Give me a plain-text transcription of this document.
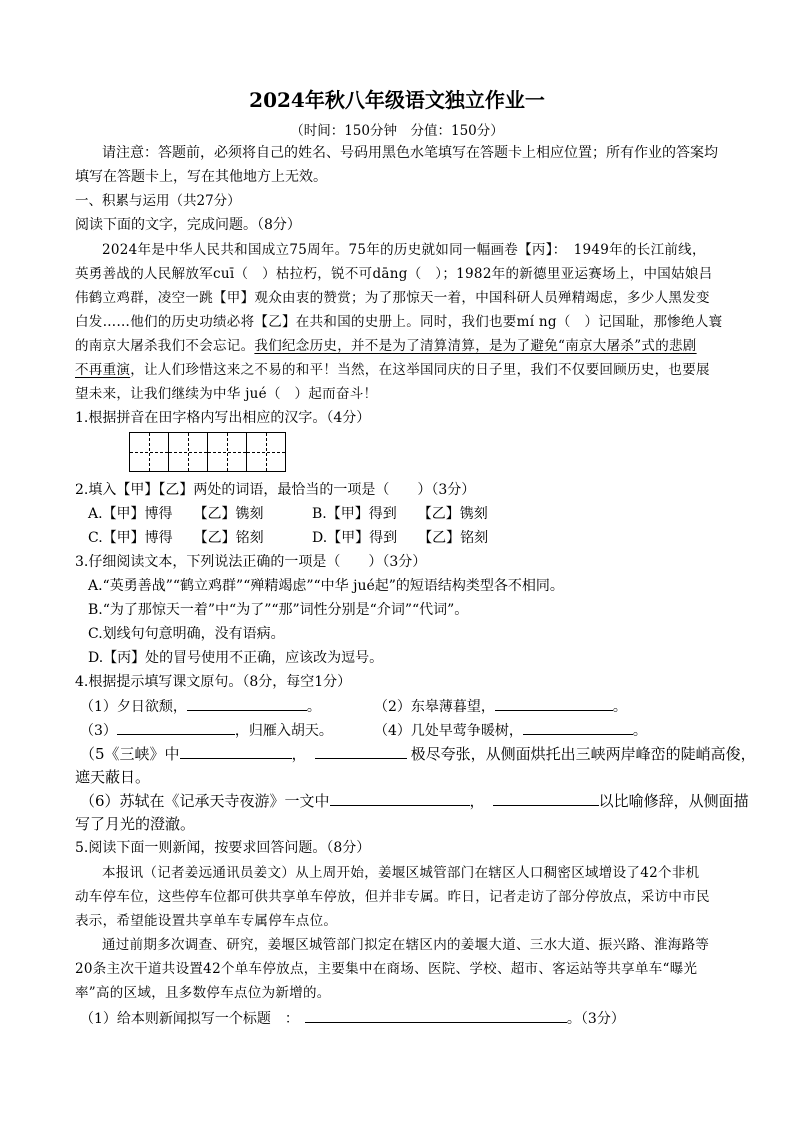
2024年秋八年级语文独立作业一
（时间：150分钟　分值：150分）
请注意：答题前，必须将自己的姓名、号码用黑色水笔填写在答题卡上相应位置；所有作业的答案均
填写在答题卡上，写在其他地方上无效。
一、积累与运用（共27分）
阅读下面的文字，完成问题。（8分）
2024年是中华人民共和国成立75周年。75年的历史就如同一幅画卷【丙】：　1949年的长江前线，
英勇善战的人民解放军cuī（　）枯拉朽，锐不可dāng（　）；1982年的新德里亚运赛场上，中国姑娘吕
伟鹤立鸡群，凌空一跳【甲】观众由衷的赞赏；为了那惊天一着，中国科研人员殚精竭虑，多少人黑发变
白发……他们的历史功绩必将【乙】在共和国的史册上。同时，我们也要mí ng（　）记国耻，那惨绝人寰
的南京大屠杀我们不会忘记。我们纪念历史，并不是为了清算清算，是为了避免“南京大屠杀”式的悲剧
不再重演，让人们珍惜这来之不易的和平！当然，在这举国同庆的日子里，我们不仅要回顾历史，也要展
望未来，让我们继续为中华 jué（　）起而奋斗！
1.根据拼音在田字格内写出相应的汉字。（4分）
2.填入【甲】【乙】两处的词语，最恰当的一项是（　　）（3分）
A.【甲】博得　　【乙】镌刻	B.【甲】得到　　【乙】镌刻
C.【甲】博得　　【乙】铭刻	D.【甲】得到　　【乙】铭刻
3.仔细阅读文本，下列说法正确的一项是（　　）（3分）
A.“英勇善战”“鹤立鸡群”“殚精竭虑”“中华 jué起”的短语结构类型各不相同。
B.“为了那惊天一着”中“为了”“那”词性分别是“介词”“代词”。
C.划线句句意明确，没有语病。
D.【丙】处的冒号使用不正确，应该改为逗号。
4.根据提示填写课文原句。（8分，每空1分）
（1）夕日欲颓，	。	（2）东皋薄暮望，	。
（3）	，归雁入胡天。	（4）几处早莺争暖树，	。
（5《三峡》中	，	极尽夸张，从侧面烘托出三峡两岸峰峦的陡峭高俊，
遮天蔽日。
（6）苏轼在《记承天寺夜游》一文中	，	以比喻修辞，从侧面描
写了月光的澄澈。
5.阅读下面一则新闻，按要求回答问题。（8分）
本报讯（记者姜远通讯员姜文）从上周开始，姜堰区城管部门在辖区人口稠密区域增设了42个非机
动车停车位，这些停车位都可供共享单车停放，但并非专属。昨日，记者走访了部分停放点，采访中市民
表示，希望能设置共享单车专属停车点位。
通过前期多次调查、研究，姜堰区城管部门拟定在辖区内的姜堰大道、三水大道、振兴路、淮海路等
20条主次干道共设置42个单车停放点，主要集中在商场、医院、学校、超市、客运站等共享单车“曝光
率”高的区域，且多数停车点位为新增的。
（1）给本则新闻拟写一个标题　：	。（3分）
